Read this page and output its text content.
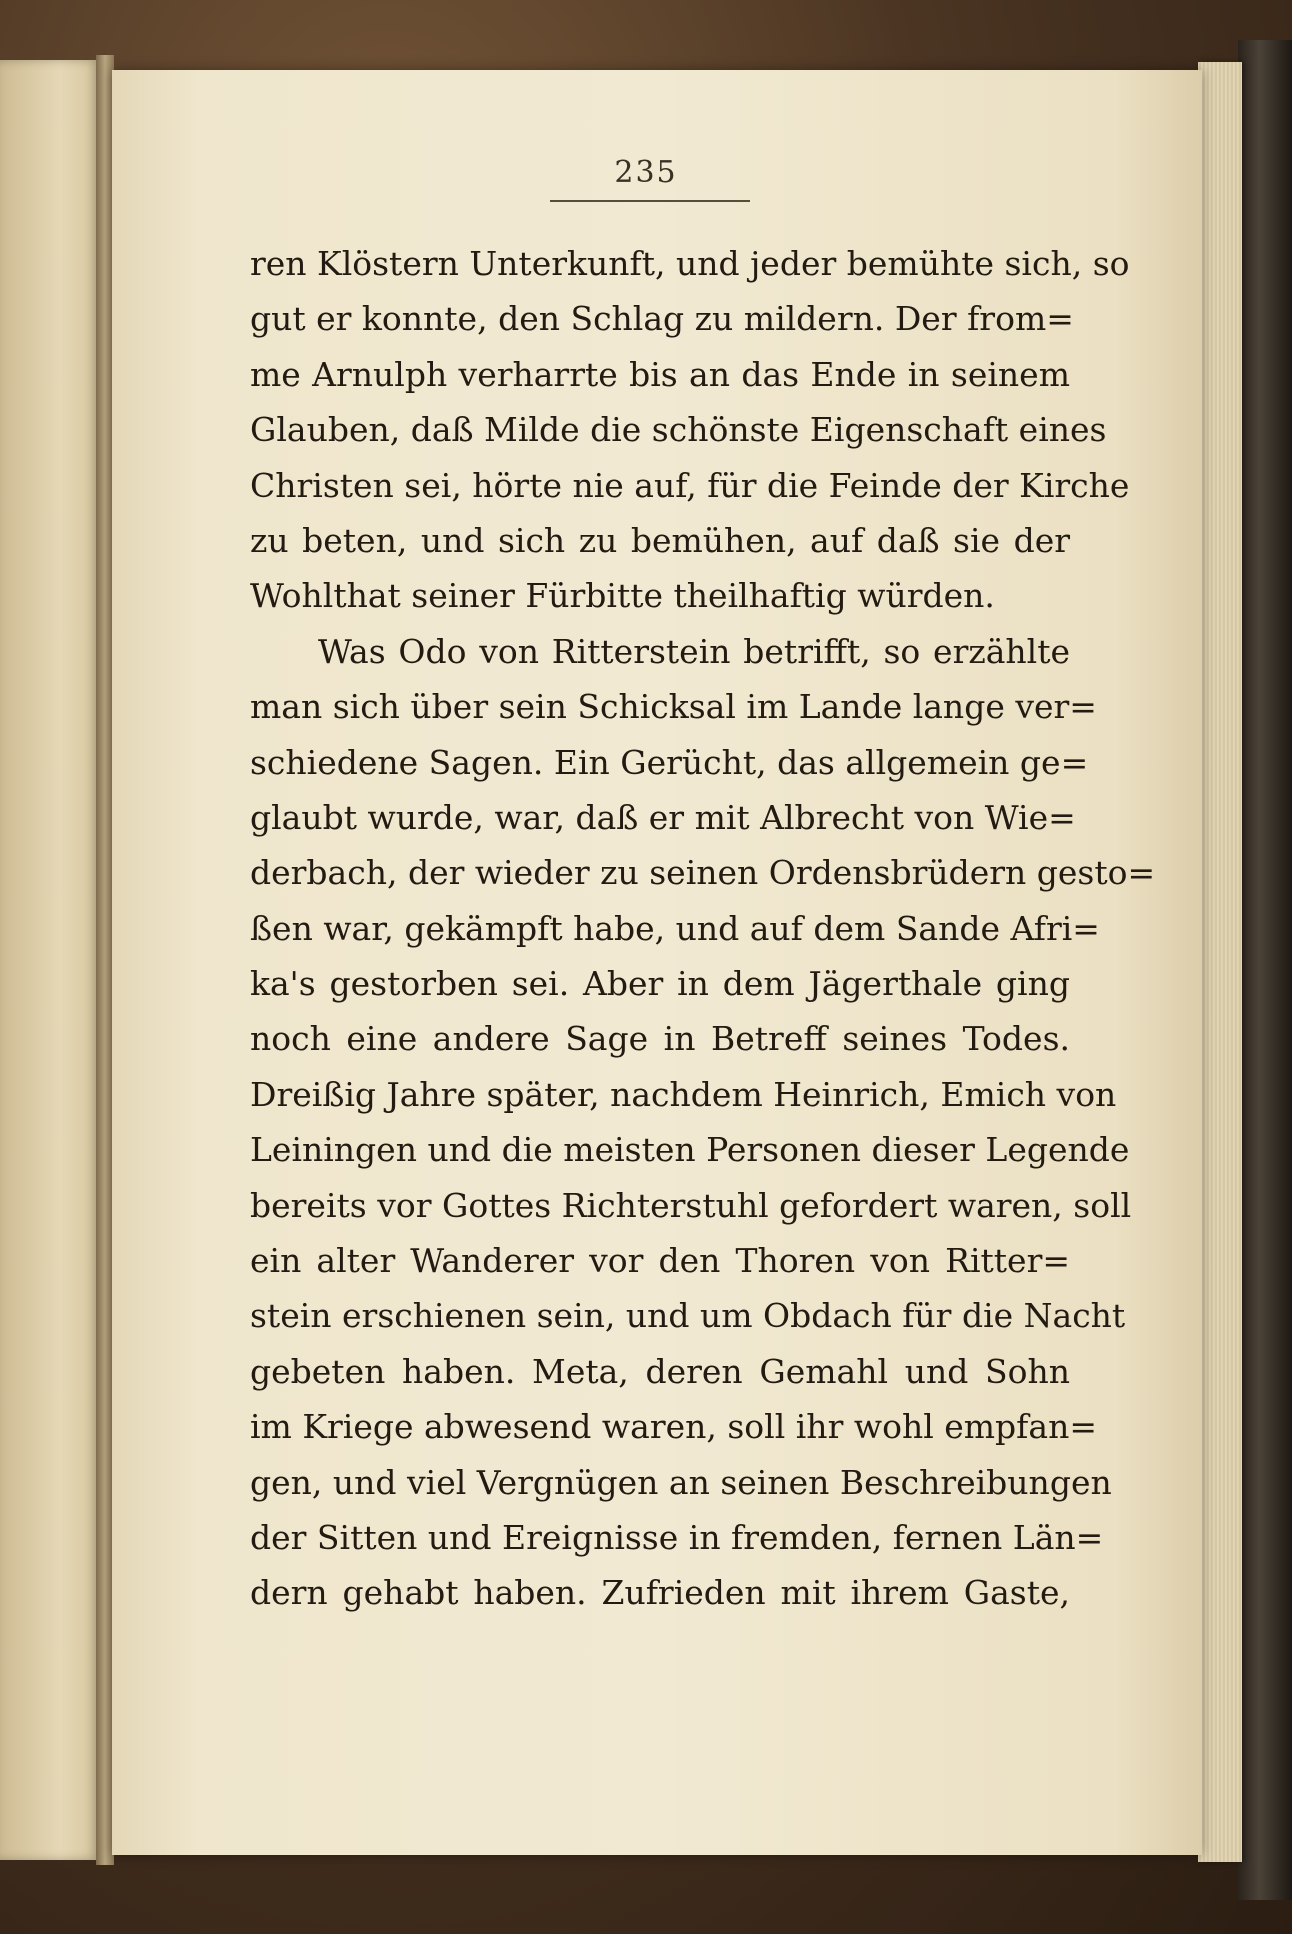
235
ren Klöstern Unterkunft, und jeder bemühte sich, so
gut er konnte, den Schlag zu mildern. Der from=
me Arnulph verharrte bis an das Ende in seinem
Glauben, daß Milde die schönste Eigenschaft eines
Christen sei, hörte nie auf, für die Feinde der Kirche
zu beten, und sich zu bemühen, auf daß sie der
Wohlthat seiner Fürbitte theilhaftig würden.
Was Odo von Ritterstein betrifft, so erzählte
man sich über sein Schicksal im Lande lange ver=
schiedene Sagen. Ein Gerücht, das allgemein ge=
glaubt wurde, war, daß er mit Albrecht von Wie=
derbach, der wieder zu seinen Ordensbrüdern gesto=
ßen war, gekämpft habe, und auf dem Sande Afri=
ka's gestorben sei. Aber in dem Jägerthale ging
noch eine andere Sage in Betreff seines Todes.
Dreißig Jahre später, nachdem Heinrich, Emich von
Leiningen und die meisten Personen dieser Legende
bereits vor Gottes Richterstuhl gefordert waren, soll
ein alter Wanderer vor den Thoren von Ritter=
stein erschienen sein, und um Obdach für die Nacht
gebeten haben. Meta, deren Gemahl und Sohn
im Kriege abwesend waren, soll ihr wohl empfan=
gen, und viel Vergnügen an seinen Beschreibungen
der Sitten und Ereignisse in fremden, fernen Län=
dern gehabt haben. Zufrieden mit ihrem Gaste,
